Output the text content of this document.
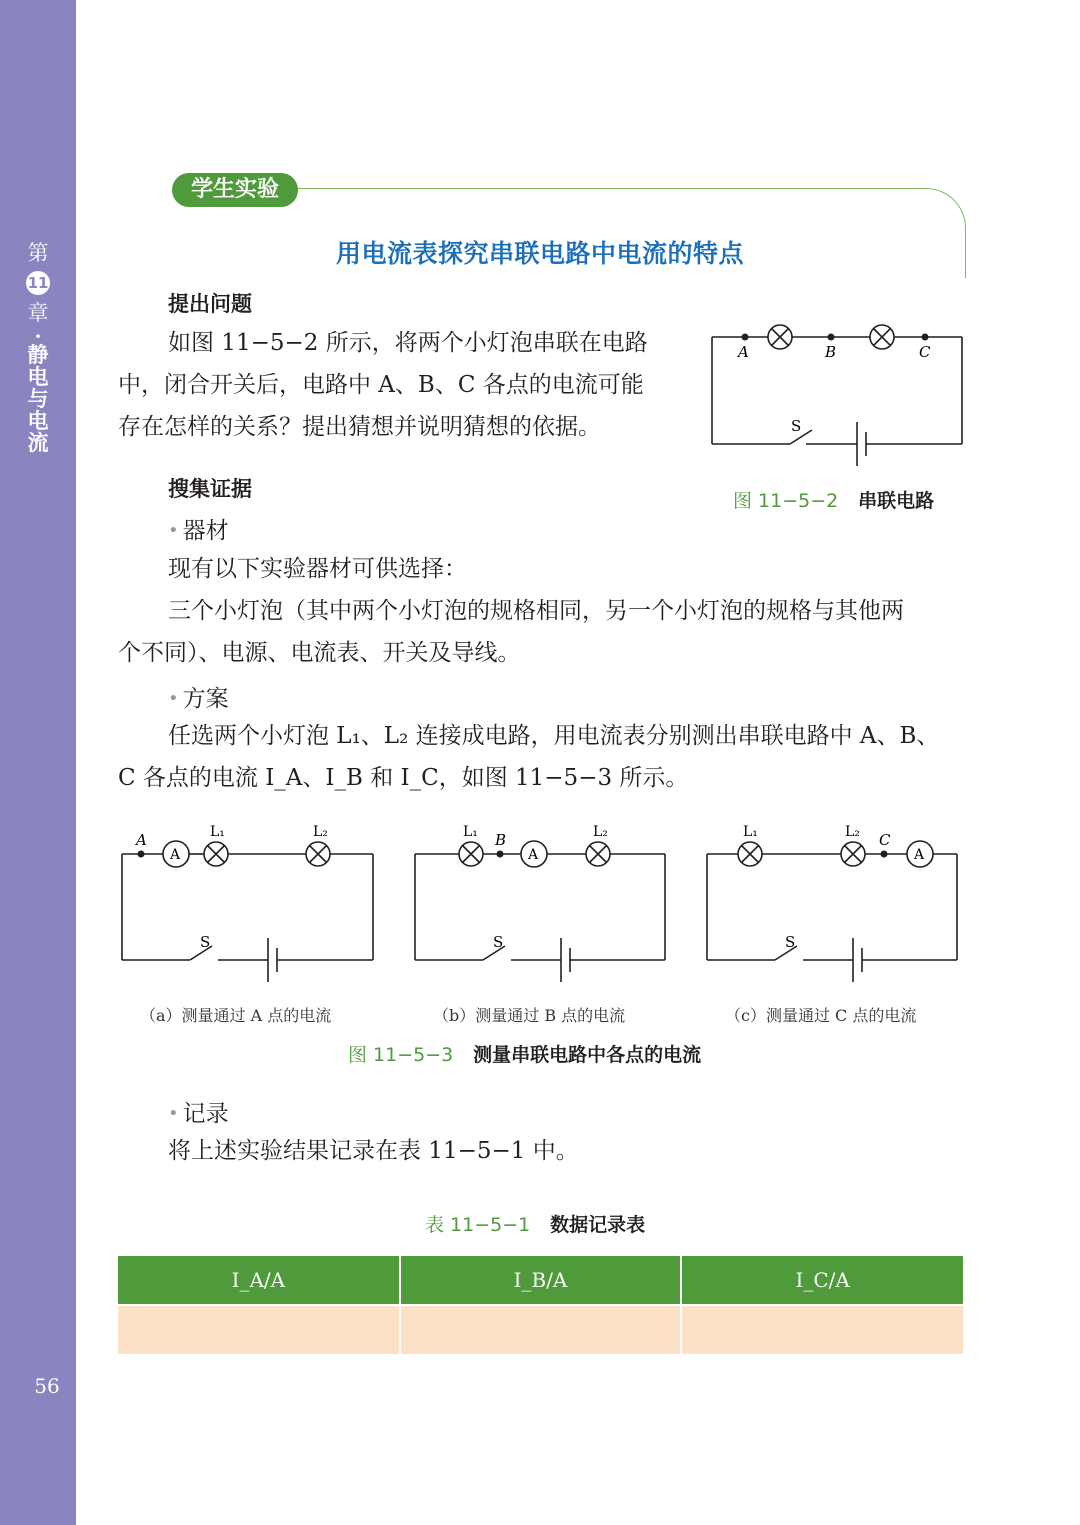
第
11
章
·
静
电
与
电
流
56
学生实验
用电流表探究串联电路中电流的特点
提出问题
如图 11−5−2 所示，将两个小灯泡串联在电路
中，闭合开关后，电路中 A、B、C 各点的电流可能
存在怎样的关系？提出猜想并说明猜想的依据。
A	B	C
S
图 11−5−2 串联电路
搜集证据
• 器材
现有以下实验器材可供选择：
三个小灯泡（其中两个小灯泡的规格相同，另一个小灯泡的规格与其他两
个不同）、电源、电流表、开关及导线。
• 方案
任选两个小灯泡 L₁、L₂ 连接成电路，用电流表分别测出串联电路中 A、B、
C 各点的电流 I_A、I_B 和 I_C，如图 11−5−3 所示。
A
A	L₁	L₂
S
A
B
L₁	L₂
S
A
C
L₁	L₂
S
（a）测量通过 A 点的电流	（b）测量通过 B 点的电流	（c）测量通过 C 点的电流
图 11−5−3 测量串联电路中各点的电流
• 记录
将上述实验结果记录在表 11−5−1 中。
表 11−5−1 数据记录表
I_A/A	I_B/A	I_C/A
